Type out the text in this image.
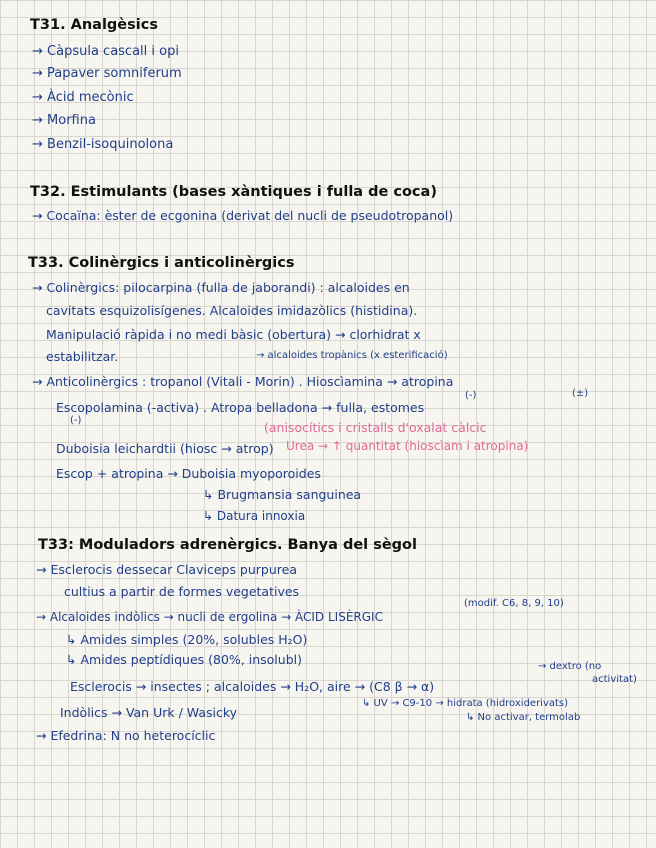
T31. Analgèsics
→ Càpsula cascall i opi
→ Papaver somniferum
→ Àcid mecònic
→ Morfina
→ Benzil-isoquinolona
T32. Estimulants (bases xàntiques i fulla de coca)
→ Cocaïna: èster de ecgonina (derivat del nucli de pseudotropanol)
T33. Colinèrgics i anticolinèrgics
→ Colinèrgics: pilocarpina (fulla de jaborandi) : alcaloides en
cavitats esquizolisígenes. Alcaloides imidazòlics (histidina).
Manipulació ràpida i no medi bàsic (obertura) → clorhidrat x
estabilitzar.	→ alcaloides tropànics (x esterificació)
→ Anticolinèrgics : tropanol (Vitali - Morin) . Hioscìamina → atropina
(-)	(±)
Escopolamina (-activa) . Atropa belladona → fulla, estomes
(-)	(anisocítics i cristalls d'oxalat càlcic
Duboisia leichardtii (hiosc → atrop) Urea → ↑ quantitat (hioscìam i atropina)
Escop + atropina → Duboisia myoporoides
↳ Brugmansia sanguinea
↳ Datura innoxia
T33: Moduladors adrenèrgics. Banya del sègol
→ Esclerocis dessecar Claviceps purpurea
cultius a partir de formes vegetatives
(modif. C6, 8, 9, 10)
→ Alcaloides indòlics → nucli de ergolina → ÀCID LISÈRGIC
↳ Amides simples (20%, solubles H₂O)
↳ Amides peptídiques (80%, insolubl)	→ dextro (no
activitat)
Esclerocis → insectes ; alcaloides → H₂O, aire → (C8 β → α)
↳ UV → C9-10 → hidrata (hidroxiderivats)
↳ No activar, termolab
Indòlics → Van Urk / Wasicky
→ Efedrina: N no heterocíclic
